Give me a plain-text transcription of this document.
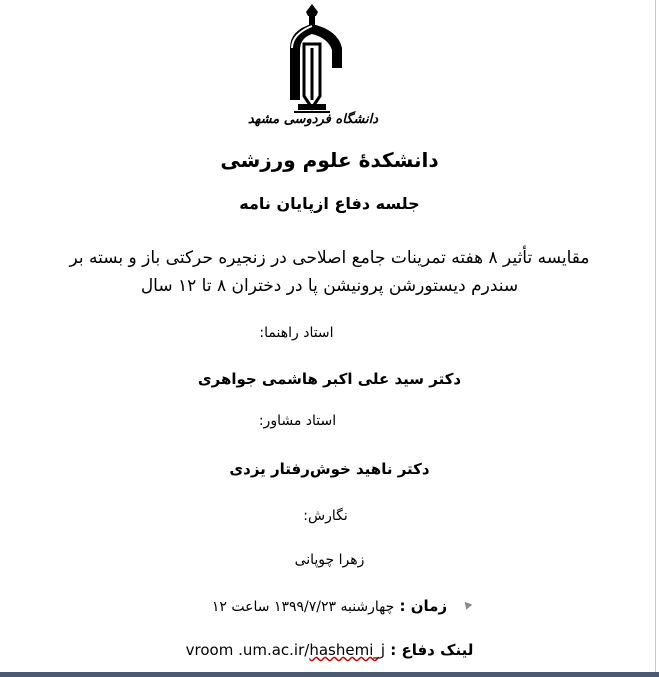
دانشگاه فردوسی مشهد
دانشکدهٔ علوم ورزشی
جلسه دفاع ازپایان نامه
مقایسه تأثیر ۸ هفته تمرینات جامع اصلاحی در زنجیره حرکتی باز و بسته بر
سندرم دیستورشن پرونیشن پا در دختران ۸ تا ۱۲ سال
استاد راهنما:
دکتر سید علی اکبر هاشمی جواهری
استاد مشاور:
دکتر ناهید خوش‌رفتار یزدی
نگارش:
زهرا چوپانی
زمان : چهارشنبه ۱۳۹۹/۷/۲۳ ساعت ۱۲
لینک دفاع : vroom .um.ac.ir/hashemi_j
